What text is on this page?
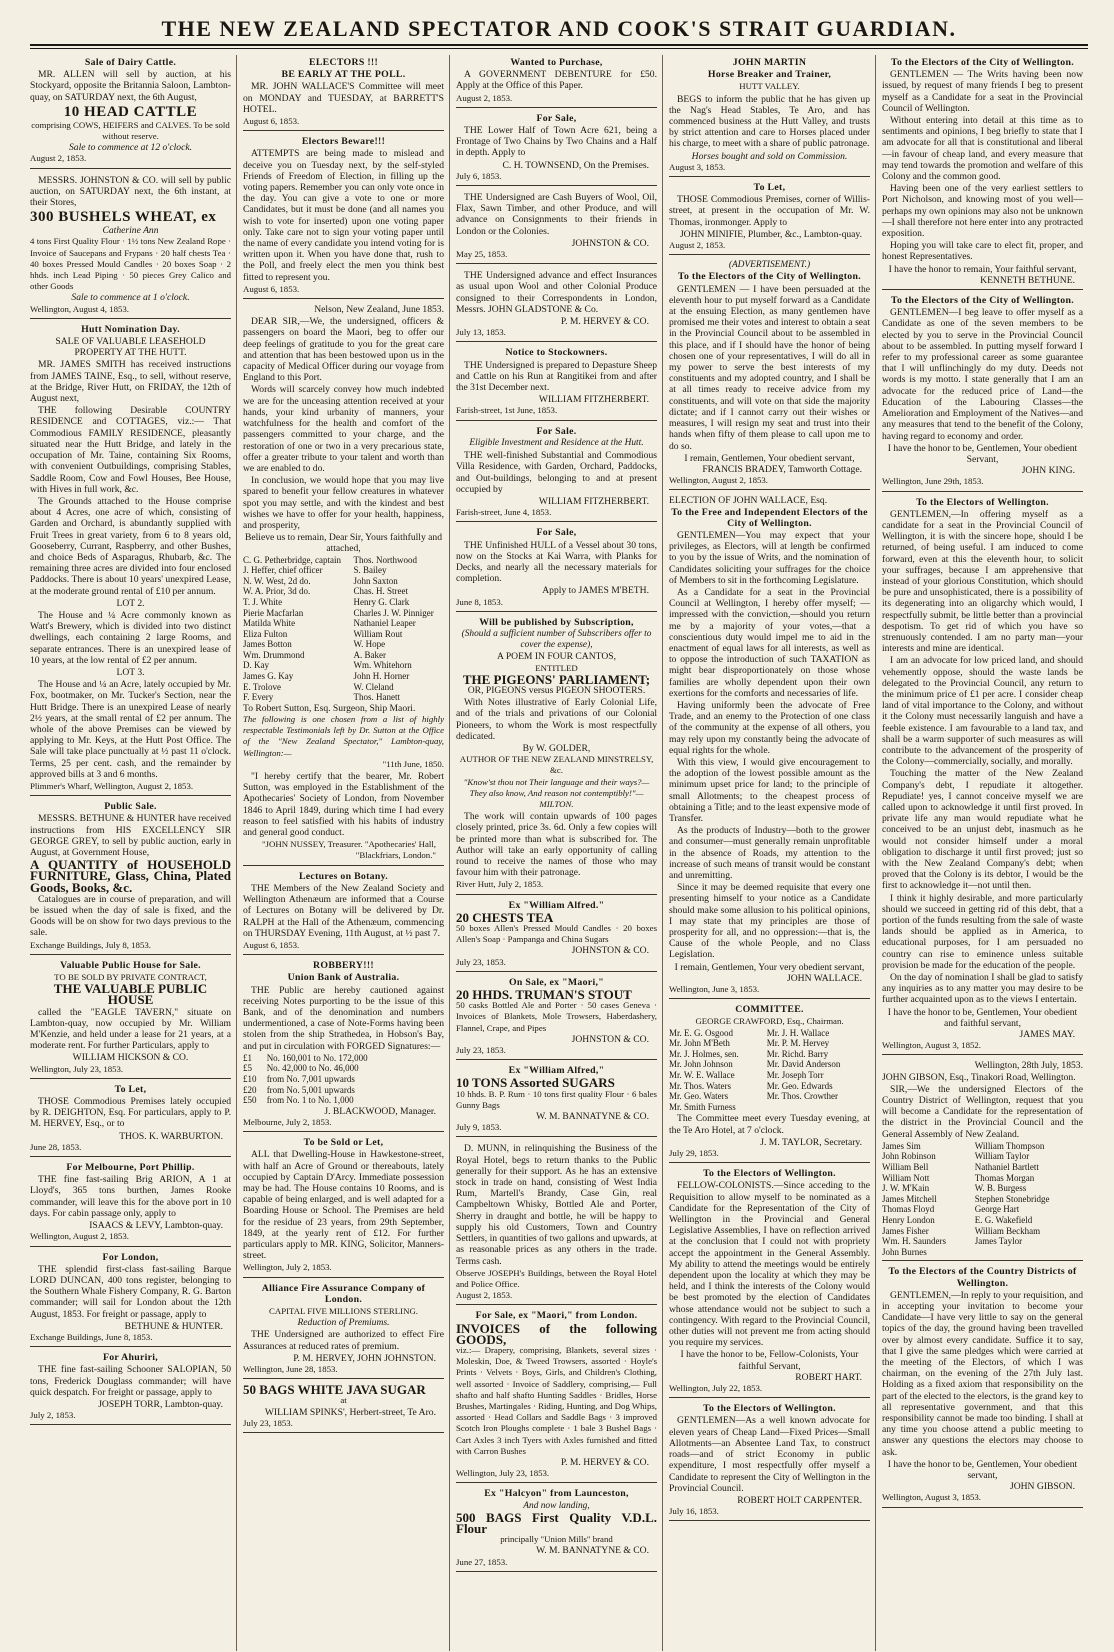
THE NEW ZEALAND SPECTATOR AND COOK'S STRAIT GUARDIAN.
Sale of Dairy Cattle.

MR. ALLEN will sell by auction, at his Stockyard, opposite the Britannia Saloon, Lambton-quay, on SATURDAY next, the 6th August,

10 HEAD CATTLE
comprising COWS, HEIFERS and CALVES. To be sold without reserve.
Sale to commence at 12 o'clock.
August 2, 1853.

MESSRS. JOHNSTON & CO. will sell by public auction, on SATURDAY next, the 6th instant, at their Stores,

300 BUSHELS WHEAT, ex
Catherine Ann
4 tons First Quality Flour · 1½ tons New Zealand Rope · Invoice of Saucepans and Frypans · 20 half chests Tea · 40 boxes Pressed Mould Candles · 20 boxes Soap · 2 hhds. inch Lead Piping · 50 pieces Grey Calico and other Goods
Sale to commence at 1 o'clock.
Wellington, August 4, 1853.
Hutt Nomination Day.
SALE OF VALUABLE LEASEHOLD PROPERTY AT THE HUTT.

MR. JAMES SMITH has received instructions from JAMES TAINE, Esq., to sell, without reserve, at the Bridge, River Hutt, on FRIDAY, the 12th of August next,

THE following Desirable COUNTRY RESIDENCE and COTTAGES, viz.:— That Commodious FAMILY RESIDENCE, pleasantly situated near the Hutt Bridge, and lately in the occupation of Mr. Taine, containing Six Rooms, with convenient Outbuildings, comprising Stables, Saddle Room, Cow and Fowl Houses, Bee House, with Hives in full work, &c.

The Grounds attached to the House comprise about 4 Acres, one acre of which, consisting of Garden and Orchard, is abundantly supplied with Fruit Trees in great variety, from 6 to 8 years old, Gooseberry, Currant, Raspberry, and other Bushes, and choice Beds of Asparagus, Rhubarb, &c. The remaining three acres are divided into four enclosed Paddocks. There is about 10 years' unexpired Lease, at the moderate ground rental of £10 per annum.

LOT 2.

The House and ¼ Acre commonly known as Watt's Brewery, which is divided into two distinct dwellings, each containing 2 large Rooms, and separate entrances. There is an unexpired lease of 10 years, at the low rental of £2 per annum.

LOT 3.

The House and ¼ an Acre, lately occupied by Mr. Fox, bootmaker, on Mr. Tucker's Section, near the Hutt Bridge. There is an unexpired Lease of nearly 2½ years, at the small rental of £2 per annum. The whole of the above Premises can be viewed by applying to Mr. Keys, at the Hutt Post Office. The Sale will take place punctually at ½ past 11 o'clock. Terms, 25 per cent. cash, and the remainder by approved bills at 3 and 6 months.

Plimmer's Wharf, Wellington, August 2, 1853.
Public Sale.

MESSRS. BETHUNE & HUNTER have received instructions from HIS EXCELLENCY SIR GEORGE GREY, to sell by public auction, early in August, at Government House,

A QUANTITY of HOUSEHOLD FURNITURE, Glass, China, Plated Goods, Books, &c.

Catalogues are in course of preparation, and will be issued when the day of sale is fixed, and the Goods will be on show for two days previous to the sale.

Exchange Buildings, July 8, 1853.
Valuable Public House for Sale.
TO BE SOLD BY PRIVATE CONTRACT,
THE VALUABLE PUBLIC HOUSE

called the "EAGLE TAVERN," situate on Lambton-quay, now occupied by Mr. William M'Kenzie, and held under a lease for 21 years, at a moderate rent. For further Particulars, apply to

WILLIAM HICKSON & CO.
Wellington, July 23, 1853.
To Let,

THOSE Commodious Premises lately occupied by R. DEIGHTON, Esq. For particulars, apply to P. M. HERVEY, Esq., or to

THOS. K. WARBURTON.
June 28, 1853.
For Melbourne, Port Phillip.

THE fine fast-sailing Brig ARION, A 1 at Lloyd's, 365 tons burthen, James Rooke commander, will leave this for the above port in 10 days. For cabin passage only, apply to

ISAACS & LEVY, Lambton-quay.
Wellington, August 2, 1853.
For London,

THE splendid first-class fast-sailing Barque LORD DUNCAN, 400 tons register, belonging to the Southern Whale Fishery Company, R. G. Barton commander; will sail for London about the 12th August, 1853. For freight or passage, apply to

BETHUNE & HUNTER.
Exchange Buildings, June 8, 1853.
For Ahuriri,

THE fine fast-sailing Schooner SALOPIAN, 50 tons, Frederick Douglass commander; will have quick despatch. For freight or passage, apply to

JOSEPH TORR, Lambton-quay.
July 2, 1853.
ELECTORS !!!
BE EARLY AT THE POLL.

MR. JOHN WALLACE'S Committee will meet on MONDAY and TUESDAY, at BARRETT'S HOTEL.

August 6, 1853.
Electors Beware!!!

ATTEMPTS are being made to mislead and deceive you on Tuesday next, by the self-styled Friends of Freedom of Election, in filling up the voting papers. Remember you can only vote once in the day. You can give a vote to one or more Candidates, but it must be done (and all names you wish to vote for inserted) upon one voting paper only. Take care not to sign your voting paper until the name of every candidate you intend voting for is written upon it. When you have done that, rush to the Poll, and freely elect the men you think best fitted to represent you.

August 6, 1853.
Nelson, New Zealand, June 1853.

DEAR SIR,—We, the undersigned, officers & passengers on board the Maori, beg to offer our deep feelings of gratitude to you for the great care and attention that has been bestowed upon us in the capacity of Medical Officer during our voyage from England to this Port.

Words will scarcely convey how much indebted we are for the unceasing attention received at your hands, your kind urbanity of manners, your watchfulness for the health and comfort of the passengers committed to your charge, and the restoration of one or two in a very precarious state, offer a greater tribute to your talent and worth than we are enabled to do.

In conclusion, we would hope that you may live spared to benefit your fellow creatures in whatever spot you may settle, and with the kindest and best wishes we have to offer for your health, happiness, and prosperity,

Believe us to remain, Dear Sir, Yours faithfully and attached,
C. G. Petherbridge, captain	Thos. Northwood
J. Heffer, chief officer	S. Bailey
N. W. West, 2d do.	John Saxton
W. A. Prior, 3d do.	Chas. H. Street
T. J. White	Henry G. Clark
Pierie Macfarlan	Charles J. W. Pinniger
Matilda White	Nathaniel Leaper
Eliza Fulton	William Rout
James Botton	W. Hope
Wm. Drummond	A. Baker
D. Kay	Wm. Whitehorn
James G. Kay	John H. Horner
E. Trolove	W. Cleland
F. Every	Thos. Hanett
To Robert Sutton, Esq. Surgeon, Ship Maori.
The following is one chosen from a list of highly respectable Testimonials left by Dr. Sutton at the Office of the "New Zealand Spectator," Lambton-quay, Wellington:—
"11th June, 1850.

"I hereby certify that the bearer, Mr. Robert Sutton, was employed in the Establishment of the Apothecaries' Society of London, from November 1846 to April 1849, during which time I had every reason to feel satisfied with his habits of industry and general good conduct.

"JOHN NUSSEY, Treasurer. "Apothecaries' Hall, "Blackfriars, London."
Lectures on Botany.

THE Members of the New Zealand Society and Wellington Athenæum are informed that a Course of Lectures on Botany will be delivered by Dr. RALPH at the Hall of the Athenæum, commencing on THURSDAY Evening, 11th August, at ½ past 7.

August 6, 1853.
ROBBERY!!!
Union Bank of Australia.

THE Public are hereby cautioned against receiving Notes purporting to be the issue of this Bank, and of the denomination and numbers undermentioned, a case of Note-Forms having been stolen from the ship Strathedea, in Hobson's Bay, and put in circulation with FORGED Signatures:—

£1	No. 160,001 to No. 172,000
£5	No. 42,000 to No. 46,000
£10	from No. 7,001 upwards
£20	from No. 5,001 upwards
£50	from No. 1 to No. 1,000
J. BLACKWOOD, Manager.
Melbourne, July 2, 1853.
To be Sold or Let,

ALL that Dwelling-House in Hawkestone-street, with half an Acre of Ground or thereabouts, lately occupied by Captain D'Arcy. Immediate possession may be had. The House contains 10 Rooms, and is capable of being enlarged, and is well adapted for a Boarding House or School. The Premises are held for the residue of 23 years, from 29th September, 1849, at the yearly rent of £12. For further particulars apply to MR. KING, Solicitor, Manners-street.

Wellington, July 2, 1853.
Alliance Fire Assurance Company of London.
CAPITAL FIVE MILLIONS STERLING.
Reduction of Premiums.

THE Undersigned are authorized to effect Fire Assurances at reduced rates of premium.

P. M. HERVEY, JOHN JOHNSTON.
Wellington, June 28, 1853.
50 BAGS WHITE JAVA SUGAR
at
WILLIAM SPINKS', Herbert-street, Te Aro.
July 23, 1853.
Wanted to Purchase,

A GOVERNMENT DEBENTURE for £50. Apply at the Office of this Paper.

August 2, 1853.
For Sale,

THE Lower Half of Town Acre 621, being a Frontage of Two Chains by Two Chains and a Half in depth. Apply to

C. H. TOWNSEND, On the Premises.
July 6, 1853.

THE Undersigned are Cash Buyers of Wool, Oil, Flax, Sawn Timber, and other Produce, and will advance on Consignments to their friends in London or the Colonies.

JOHNSTON & CO.
May 25, 1853.

THE Undersigned advance and effect Insurances as usual upon Wool and other Colonial Produce consigned to their Correspondents in London, Messrs. JOHN GLADSTONE & Co.

P. M. HERVEY & CO.
July 13, 1853.
Notice to Stockowners.

THE Undersigned is prepared to Depasture Sheep and Cattle on his Run at Rangitikei from and after the 31st December next.

WILLIAM FITZHERBERT.
Farish-street, 1st June, 1853.
For Sale.
Eligible Investment and Residence at the Hutt.

THE well-finished Substantial and Commodious Villa Residence, with Garden, Orchard, Paddocks, and Out-buildings, belonging to and at present occupied by

WILLIAM FITZHERBERT.
Farish-street, June 4, 1853.
For Sale,

THE Unfinished HULL of a Vessel about 30 tons, now on the Stocks at Kai Warra, with Planks for Decks, and nearly all the necessary materials for completion.

Apply to JAMES M'BETH.
June 8, 1853.
Will be published by Subscription,
(Should a sufficient number of Subscribers offer to cover the expense),
A POEM IN FOUR CANTOS,
ENTITLED
THE PIGEONS' PARLIAMENT;
OR, PIGEONS versus PIGEON SHOOTERS.

With Notes illustrative of Early Colonial Life, and of the trials and privations of our Colonial Pioneers, to whom the Work is most respectfully dedicated.

By W. GOLDER,
AUTHOR OF THE NEW ZEALAND MINSTRELSY, &c.
"Know'st thou not Their language and their ways?—They also know, And reason not contemptibly!"—MILTON.

The work will contain upwards of 100 pages closely printed, price 3s. 6d. Only a few copies will be printed more than what is subscribed for. The Author will take an early opportunity of calling round to receive the names of those who may favour him with their patronage.

River Hutt, July 2, 1853.
Ex "William Alfred."
20 CHESTS TEA
50 boxes Allen's Pressed Mould Candles · 20 boxes Allen's Soap · Pampanga and China Sugars
JOHNSTON & CO.
July 23, 1853.
On Sale, ex "Maori,"
20 HHDS. TRUMAN'S STOUT
50 casks Bottled Ale and Porter · 50 cases Geneva · Invoices of Blankets, Mole Trowsers, Haberdashery, Flannel, Crape, and Pipes
JOHNSTON & CO.
July 23, 1853.
Ex "William Alfred,"
10 TONS Assorted SUGARS
10 hhds. B. P. Rum · 10 tons first quality Flour · 6 bales Gunny Bags
W. M. BANNATYNE & CO.
July 9, 1853.

D. MUNN, in relinquishing the Business of the Royal Hotel, begs to return thanks to the Public generally for their support. As he has an extensive stock in trade on hand, consisting of West India Rum, Martell's Brandy, Case Gin, real Campbeltown Whisky, Bottled Ale and Porter, Sherry in draught and bottle, he will be happy to supply his old Customers, Town and Country Settlers, in quantities of two gallons and upwards, at as reasonable prices as any others in the trade. Terms cash.

Observe JOSEPH's Buildings, between the Royal Hotel and Police Office.
August 2, 1853.
For Sale, ex "Maori," from London.
INVOICES of the following GOODS,
viz.:— Drapery, comprising, Blankets, several sizes · Moleskin, Doe, & Tweed Trowsers, assorted · Hoyle's Prints · Velvets · Boys, Girls, and Children's Clothing, well assorted · Invoice of Saddlery, comprising,— Full shafto and half shafto Hunting Saddles · Bridles, Horse Brushes, Martingales · Riding, Hunting, and Dog Whips, assorted · Head Collars and Saddle Bags · 3 improved Scotch Iron Ploughs complete · 1 bale 3 Bushel Bags · Cart Axles 3 inch Tyers with Axles furnished and fitted with Carron Bushes
P. M. HERVEY & CO.
Wellington, July 23, 1853.
Ex "Halcyon" from Launceston,
And now landing,
500 BAGS First Quality V.D.L. Flour
principally "Union Mills" brand
W. M. BANNATYNE & CO.
June 27, 1853.
JOHN MARTIN
Horse Breaker and Trainer,
HUTT VALLEY.

BEGS to inform the public that he has given up the Nag's Head Stables, Te Aro, and has commenced business at the Hutt Valley, and trusts by strict attention and care to Horses placed under his charge, to meet with a share of public patronage.

Horses bought and sold on Commission.
August 3, 1853.
To Let,

THOSE Commodious Premises, corner of Willis-street, at present in the occupation of Mr. W. Thomas, ironmonger. Apply to

JOHN MINIFIE, Plumber, &c., Lambton-quay.
August 2, 1853.
(ADVERTISEMENT.)
To the Electors of the City of Wellington.

GENTLEMEN — I have been persuaded at the eleventh hour to put myself forward as a Candidate at the ensuing Election, as many gentlemen have promised me their votes and interest to obtain a seat in the Provincial Council about to be assembled in this place, and if I should have the honor of being chosen one of your representatives, I will do all in my power to serve the best interests of my constituents and my adopted country, and I shall be at all times ready to receive advice from my constituents, and will vote on that side the majority dictate; and if I cannot carry out their wishes or measures, I will resign my seat and trust into their hands when fifty of them please to call upon me to do so.

I remain, Gentlemen, Your obedient servant,
FRANCIS BRADEY, Tamworth Cottage.
Wellington, August 2, 1853.
ELECTION OF JOHN WALLACE, Esq.
To the Free and Independent Electors of the City of Wellington.

GENTLEMEN—You may expect that your privileges, as Electors, will at length be confirmed to you by the issue of Writs, and the nomination of Candidates soliciting your suffrages for the choice of Members to sit in the forthcoming Legislature.

As a Candidate for a seat in the Provincial Council at Wellington, I hereby offer myself; —impressed with the conviction,—should you return me by a majority of your votes,—that a conscientious duty would impel me to aid in the enactment of equal laws for all interests, as well as to oppose the introduction of such TAXATION as might bear disproportionately on those whose families are wholly dependent upon their own exertions for the comforts and necessaries of life.

Having uniformly been the advocate of Free Trade, and an enemy to the Protection of one class of the community at the expense of all others, you may rely upon my constantly being the advocate of equal rights for the whole.

With this view, I would give encouragement to the adoption of the lowest possible amount as the minimum upset price for land; to the principle of small Allotments; to the cheapest process of obtaining a Title; and to the least expensive mode of Transfer.

As the products of Industry—both to the grower and consumer—must generally remain unprofitable in the absence of Roads, my attention to the increase of such means of transit would be constant and unremitting.

Since it may be deemed requisite that every one presenting himself to your notice as a Candidate should make some allusion to his political opinions, I may state that my principles are those of prosperity for all, and no oppression:—that is, the Cause of the whole People, and no Class Legislation.

I remain, Gentlemen, Your very obedient servant,
JOHN WALLACE.
Wellington, June 3, 1853.
COMMITTEE.
GEORGE CRAWFORD, Esq., Chairman.
Mr. E. G. Osgood	Mr. J. H. Wallace
Mr. John M'Beth	Mr. P. M. Hervey
Mr. J. Holmes, sen.	Mr. Richd. Barry
Mr. John Johnson	Mr. David Anderson
Mr. W. E. Wallace	Mr. Joseph Torr
Mr. Thos. Waters	Mr. Geo. Edwards
Mr. Geo. Waters	Mr. Thos. Crowther
Mr. Smith Furness	

The Committee meet every Tuesday evening, at the Te Aro Hotel, at 7 o'clock.

J. M. TAYLOR, Secretary.
July 29, 1853.
To the Electors of Wellington.

FELLOW-COLONISTS.—Since acceding to the Requisition to allow myself to be nominated as a Candidate for the Representation of the City of Wellington in the Provincial and General Legislative Assemblies, I have on reflection arrived at the conclusion that I could not with propriety accept the appointment in the General Assembly. My ability to attend the meetings would be entirely dependent upon the locality at which they may be held, and I think the interests of the Colony would be best promoted by the election of Candidates whose attendance would not be subject to such a contingency. With regard to the Provincial Council, other duties will not prevent me from acting should you require my services.

I have the honor to be, Fellow-Colonists, Your faithful Servant,
ROBERT HART.
Wellington, July 22, 1853.
To the Electors of Wellington.

GENTLEMEN—As a well known advocate for eleven years of Cheap Land—Fixed Prices—Small Allotments—an Absentee Land Tax, to construct roads—and of strict Economy in public expenditure, I most respectfully offer myself a Candidate to represent the City of Wellington in the Provincial Council.

ROBERT HOLT CARPENTER.
July 16, 1853.
To the Electors of the City of Wellington.

GENTLEMEN — The Writs having been now issued, by request of many friends I beg to present myself as a Candidate for a seat in the Provincial Council of Wellington.

Without entering into detail at this time as to sentiments and opinions, I beg briefly to state that I am advocate for all that is constitutional and liberal—in favour of cheap land, and every measure that may tend towards the promotion and welfare of this Colony and the common good.

Having been one of the very earliest settlers to Port Nicholson, and knowing most of you well—perhaps my own opinions may also not be unknown—I shall therefore not here enter into any protracted exposition.

Hoping you will take care to elect fit, proper, and honest Representatives.

I have the honor to remain, Your faithful servant,
KENNETH BETHUNE.
To the Electors of the City of Wellington.

GENTLEMEN—I beg leave to offer myself as a Candidate as one of the seven members to be elected by you to serve in the Provincial Council about to be assembled. In putting myself forward I refer to my professional career as some guarantee that I will unflinchingly do my duty. Deeds not words is my motto. I state generally that I am an advocate for the reduced price of Land—the Education of the Labouring Classes—the Amelioration and Employment of the Natives—and any measures that tend to the benefit of the Colony, having regard to economy and order.

I have the honor to be, Gentlemen, Your obedient Servant,
JOHN KING.
Wellington, June 29th, 1853.
To the Electors of Wellington.

GENTLEMEN,—In offering myself as a candidate for a seat in the Provincial Council of Wellington, it is with the sincere hope, should I be returned, of being useful. I am induced to come forward, even at this the eleventh hour, to solicit your suffrages, because I am apprehensive that instead of your glorious Constitution, which should be pure and unsophisticated, there is a possibility of its degenerating into an oligarchy which would, I respectfully submit, be little better than a provincial despotism. To get rid of which you have so strenuously contended. I am no party man—your interests and mine are identical.

I am an advocate for low priced land, and should vehemently oppose, should the waste lands be delegated to the Provincial Council, any return to the minimum price of £1 per acre. I consider cheap land of vital importance to the Colony, and without it the Colony must necessarily languish and have a feeble existence. I am favourable to a land tax, and shall be a warm supporter of such measures as will contribute to the advancement of the prosperity of the Colony—commercially, socially, and morally.

Touching the matter of the New Zealand Company's debt, I repudiate it altogether. Repudiate! yes, I cannot conceive myself we are called upon to acknowledge it until first proved. In private life any man would repudiate what he conceived to be an unjust debt, inasmuch as he would not consider himself under a moral obligation to discharge it until first proved; just so with the New Zealand Company's debt; when proved that the Colony is its debtor, I would be the first to acknowledge it—not until then.

I think it highly desirable, and more particularly should we succeed in getting rid of this debt, that a portion of the funds resulting from the sale of waste lands should be applied as in America, to educational purposes, for I am persuaded no country can rise to eminence unless suitable provision be made for the education of the people.

On the day of nomination I shall be glad to satisfy any inquiries as to any matter you may desire to be further acquainted upon as to the views I entertain.

I have the honor to be, Gentlemen, Your obedient and faithful servant,
JAMES MAY.
Wellington, August 3, 1852.
Wellington, 28th July, 1853.
JOHN GIBSON, Esq., Tinakori Road, Wellington.

SIR,—We the undersigned Electors of the Country District of Wellington, request that you will become a Candidate for the representation of the district in the Provincial Council and the General Assembly of New Zealand.

James Sim	William Thompson
John Robinson	William Taylor
William Bell	Nathaniel Bartlett
William Nott	Thomas Morgan
J. W. M'Kain	W. B. Burgess
James Mitchell	Stephen Stonebridge
Thomas Floyd	George Hart
Henry London	E. G. Wakefield
James Fisher	William Beckham
Wm. H. Saunders	James Taylor
John Burnes	
To the Electors of the Country Districts of Wellington.

GENTLEMEN,—In reply to your requisition, and in accepting your invitation to become your Candidate—I have very little to say on the general topics of the day, the ground having been travelled over by almost every candidate. Suffice it to say, that I give the same pledges which were carried at the meeting of the Electors, of which I was chairman, on the evening of the 27th July last. Holding as a fixed axiom that responsibility on the part of the elected to the electors, is the grand key to all representative government, and that this responsibility cannot be made too binding. I shall at any time you choose attend a public meeting to answer any questions the electors may choose to ask.

I have the honor to be, Gentlemen, Your obedient servant,
JOHN GIBSON.
Wellington, August 3, 1853.
